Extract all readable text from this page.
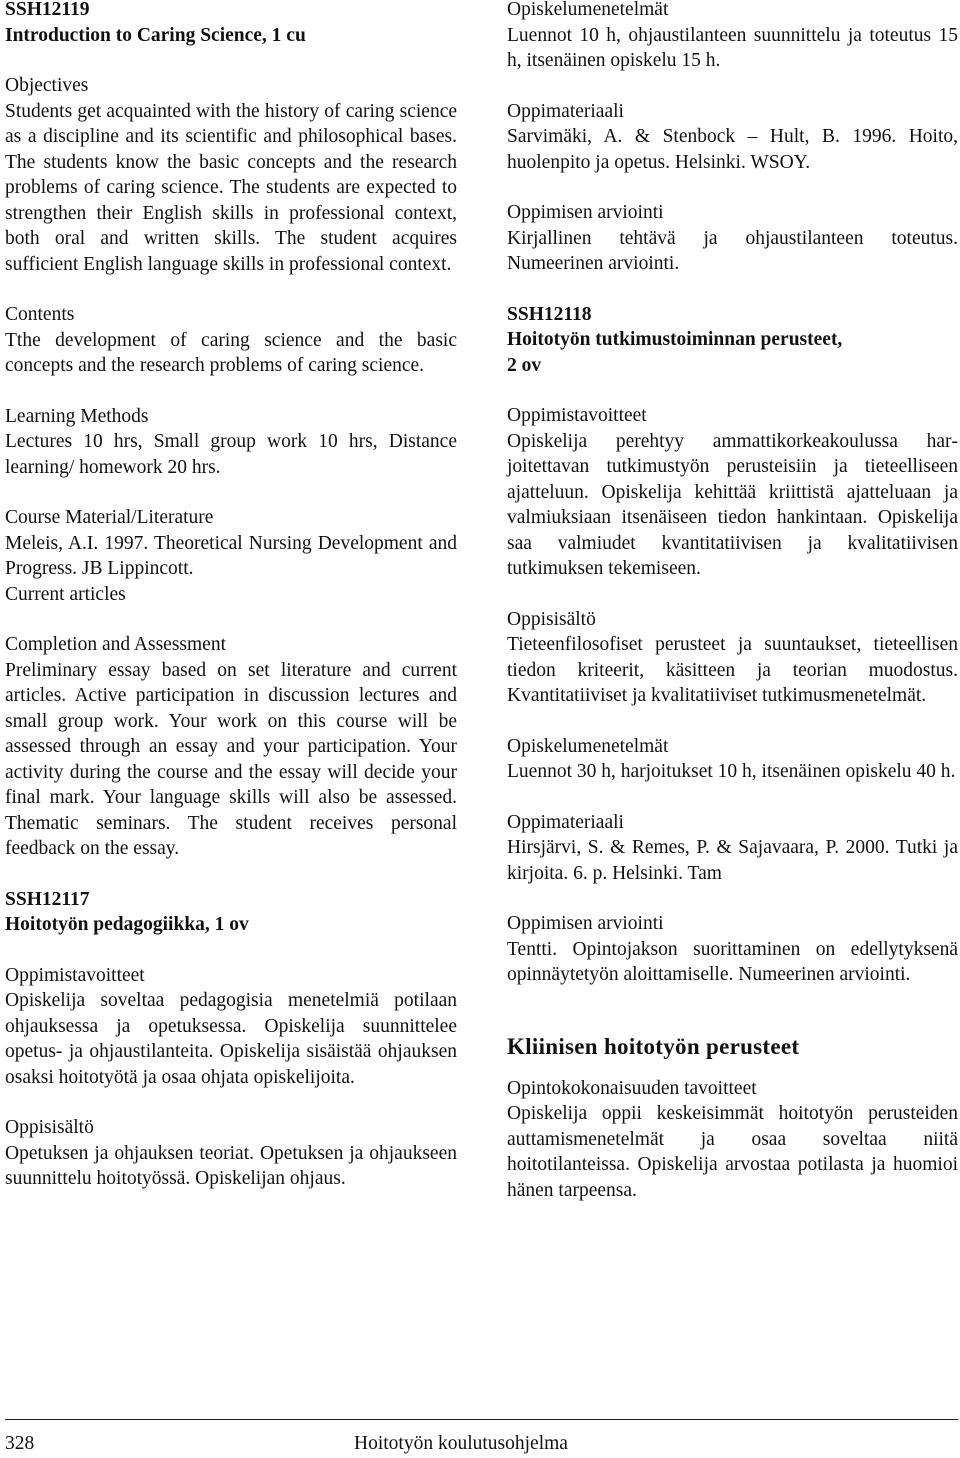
SSH12119

Introduction to Caring Science, 1 cu

Objectives

Students get acquainted with the history of caring science as a discipline and its scientific and philosophical bases. The students know the basic concepts and the research problems of caring science. The students are expected to strengthen their English skills in professional context, both oral and written skills. The student acquires sufficient English language skills in professional context.

Contents

Tthe development of caring science and the basic concepts and the research problems of caring science.

Learning Methods

Lectures 10 hrs, Small group work 10 hrs, Distance learning/ homework 20 hrs.

Course Material/Literature

Meleis, A.I. 1997. Theoretical Nursing Development and Progress. JB Lippincott.

Current articles

Completion and Assessment

Preliminary essay based on set literature and current articles. Active participation in discussion lectures and small group work. Your work on this course will be assessed through an essay and your participation. Your activity during the course and the essay will decide your final mark. Your language skills will also be assessed. Thematic seminars. The student receives personal feedback on the essay.

SSH12117

Hoitotyön pedagogiikka, 1 ov

Oppimistavoitteet

Opiskelija soveltaa pedagogisia menetelmiä potilaan ohjauksessa ja opetuksessa. Opiskelija suunnittelee opetus- ja ohjaustilanteita. Opiskelija sisäistää ohjauksen osaksi hoitotyötä ja osaa ohjata opiskelijoita.

Oppisisältö

Opetuksen ja ohjauksen teoriat. Opetuksen ja ohjaukseen suunnittelu hoitotyössä. Opiskelijan ohjaus.

Opiskelumenetelmät

Luennot 10 h, ohjaustilanteen suunnittelu ja toteutus 15 h, itsenäinen opiskelu 15 h.

Oppimateriaali

Sarvimäki, A. & Stenbock – Hult, B. 1996. Hoito, huolenpito ja opetus. Helsinki. WSOY.

Oppimisen arviointi

Kirjallinen tehtävä ja ohjaustilanteen toteutus. Numeerinen arviointi.

SSH12118

Hoitotyön tutkimustoiminnan perusteet,

2 ov

Oppimistavoitteet

Opiskelija perehtyy ammattikorkeakoulussa harjoitettavan tutkimustyön perusteisiin ja tieteelliseen ajatteluun. Opiskelija kehittää kriittistä ajatteluaan ja valmiuksiaan itsenäiseen tiedon hankintaan. Opiskelija saa valmiudet kvantitatiivisen ja kvalitatiivisen tutkimuksen tekemiseen.

Oppisisältö

Tieteenfilosofiset perusteet ja suuntaukset, tieteellisen tiedon kriteerit, käsitteen ja teorian muodostus. Kvantitatiiviset ja kvalitatiiviset tutkimusmenetelmät.

Opiskelumenetelmät

Luennot 30 h, harjoitukset 10 h, itsenäinen opiskelu 40 h.

Oppimateriaali

Hirsjärvi, S. & Remes, P. & Sajavaara, P. 2000. Tutki ja kirjoita. 6. p. Helsinki. Tam

Oppimisen arviointi

Tentti. Opintojakson suorittaminen on edellytyksenä opinnäytetyön aloittamiselle. Numeerinen arviointi.

Kliinisen hoitotyön perusteet

Opintokokonaisuuden tavoitteet

Opiskelija oppii keskeisimmät hoitotyön perusteiden auttamismenetelmät ja osaa soveltaa niitä hoitotilanteissa. Opiskelija arvostaa potilasta ja huomioi hänen tarpeensa.

328	Hoitotyön koulutusohjelma
